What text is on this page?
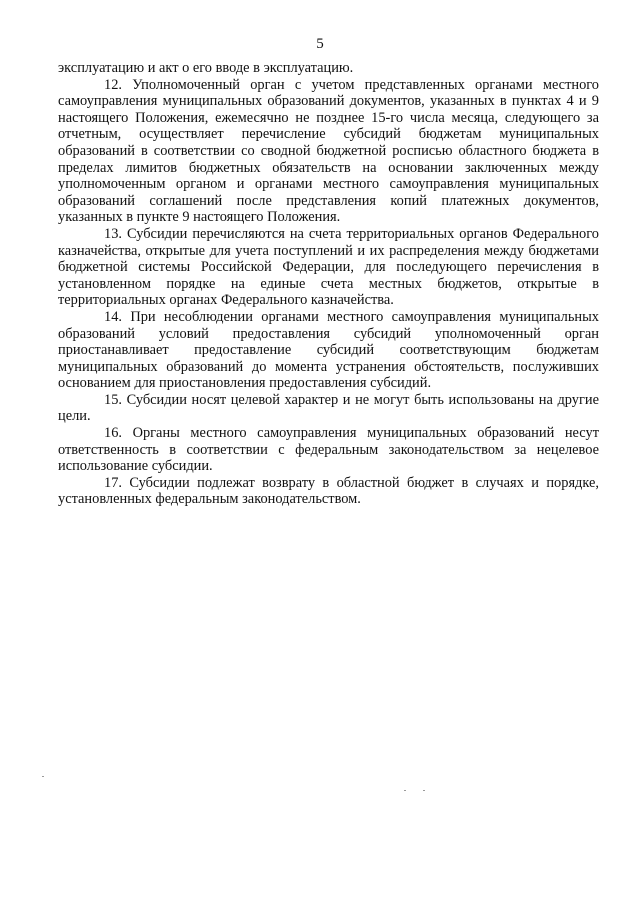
5

эксплуатацию и акт о его вводе в эксплуатацию.

12. Уполномоченный орган с учетом представленных органами местного самоуправления муниципальных образований документов, указанных в пунктах 4 и 9 настоящего Положения, ежемесячно не позднее 15-го числа месяца, следующего за отчетным, осуществляет перечисление субсидий бюджетам муниципальных образований в соответствии со сводной бюджетной росписью областного бюджета в пределах лимитов бюджетных обязательств на основании заключенных между уполномоченным органом и органами местного самоуправления муниципальных образований соглашений после представления копий платежных документов, указанных в пункте 9 настоящего Положения.

13. Субсидии перечисляются на счета территориальных органов Федерального казначейства, открытые для учета поступлений и их распределения между бюджетами бюджетной системы Российской Федерации, для последующего перечисления в установленном порядке на единые счета местных бюджетов, открытые в территориальных органах Федерального казначейства.

14. При несоблюдении органами местного самоуправления муниципальных образований условий предоставления субсидий уполномоченный орган приостанавливает предоставление субсидий соответствующим бюджетам муниципальных образований до момента устранения обстоятельств, послуживших основанием для приостановления предоставления субсидий.

15. Субсидии носят целевой характер и не могут быть использованы на другие цели.

16. Органы местного самоуправления муниципальных образований несут ответственность в соответствии с федеральным законодательством за нецелевое использование субсидии.

17. Субсидии подлежат возврату в областной бюджет в случаях и порядке, установленных федеральным законодательством.
